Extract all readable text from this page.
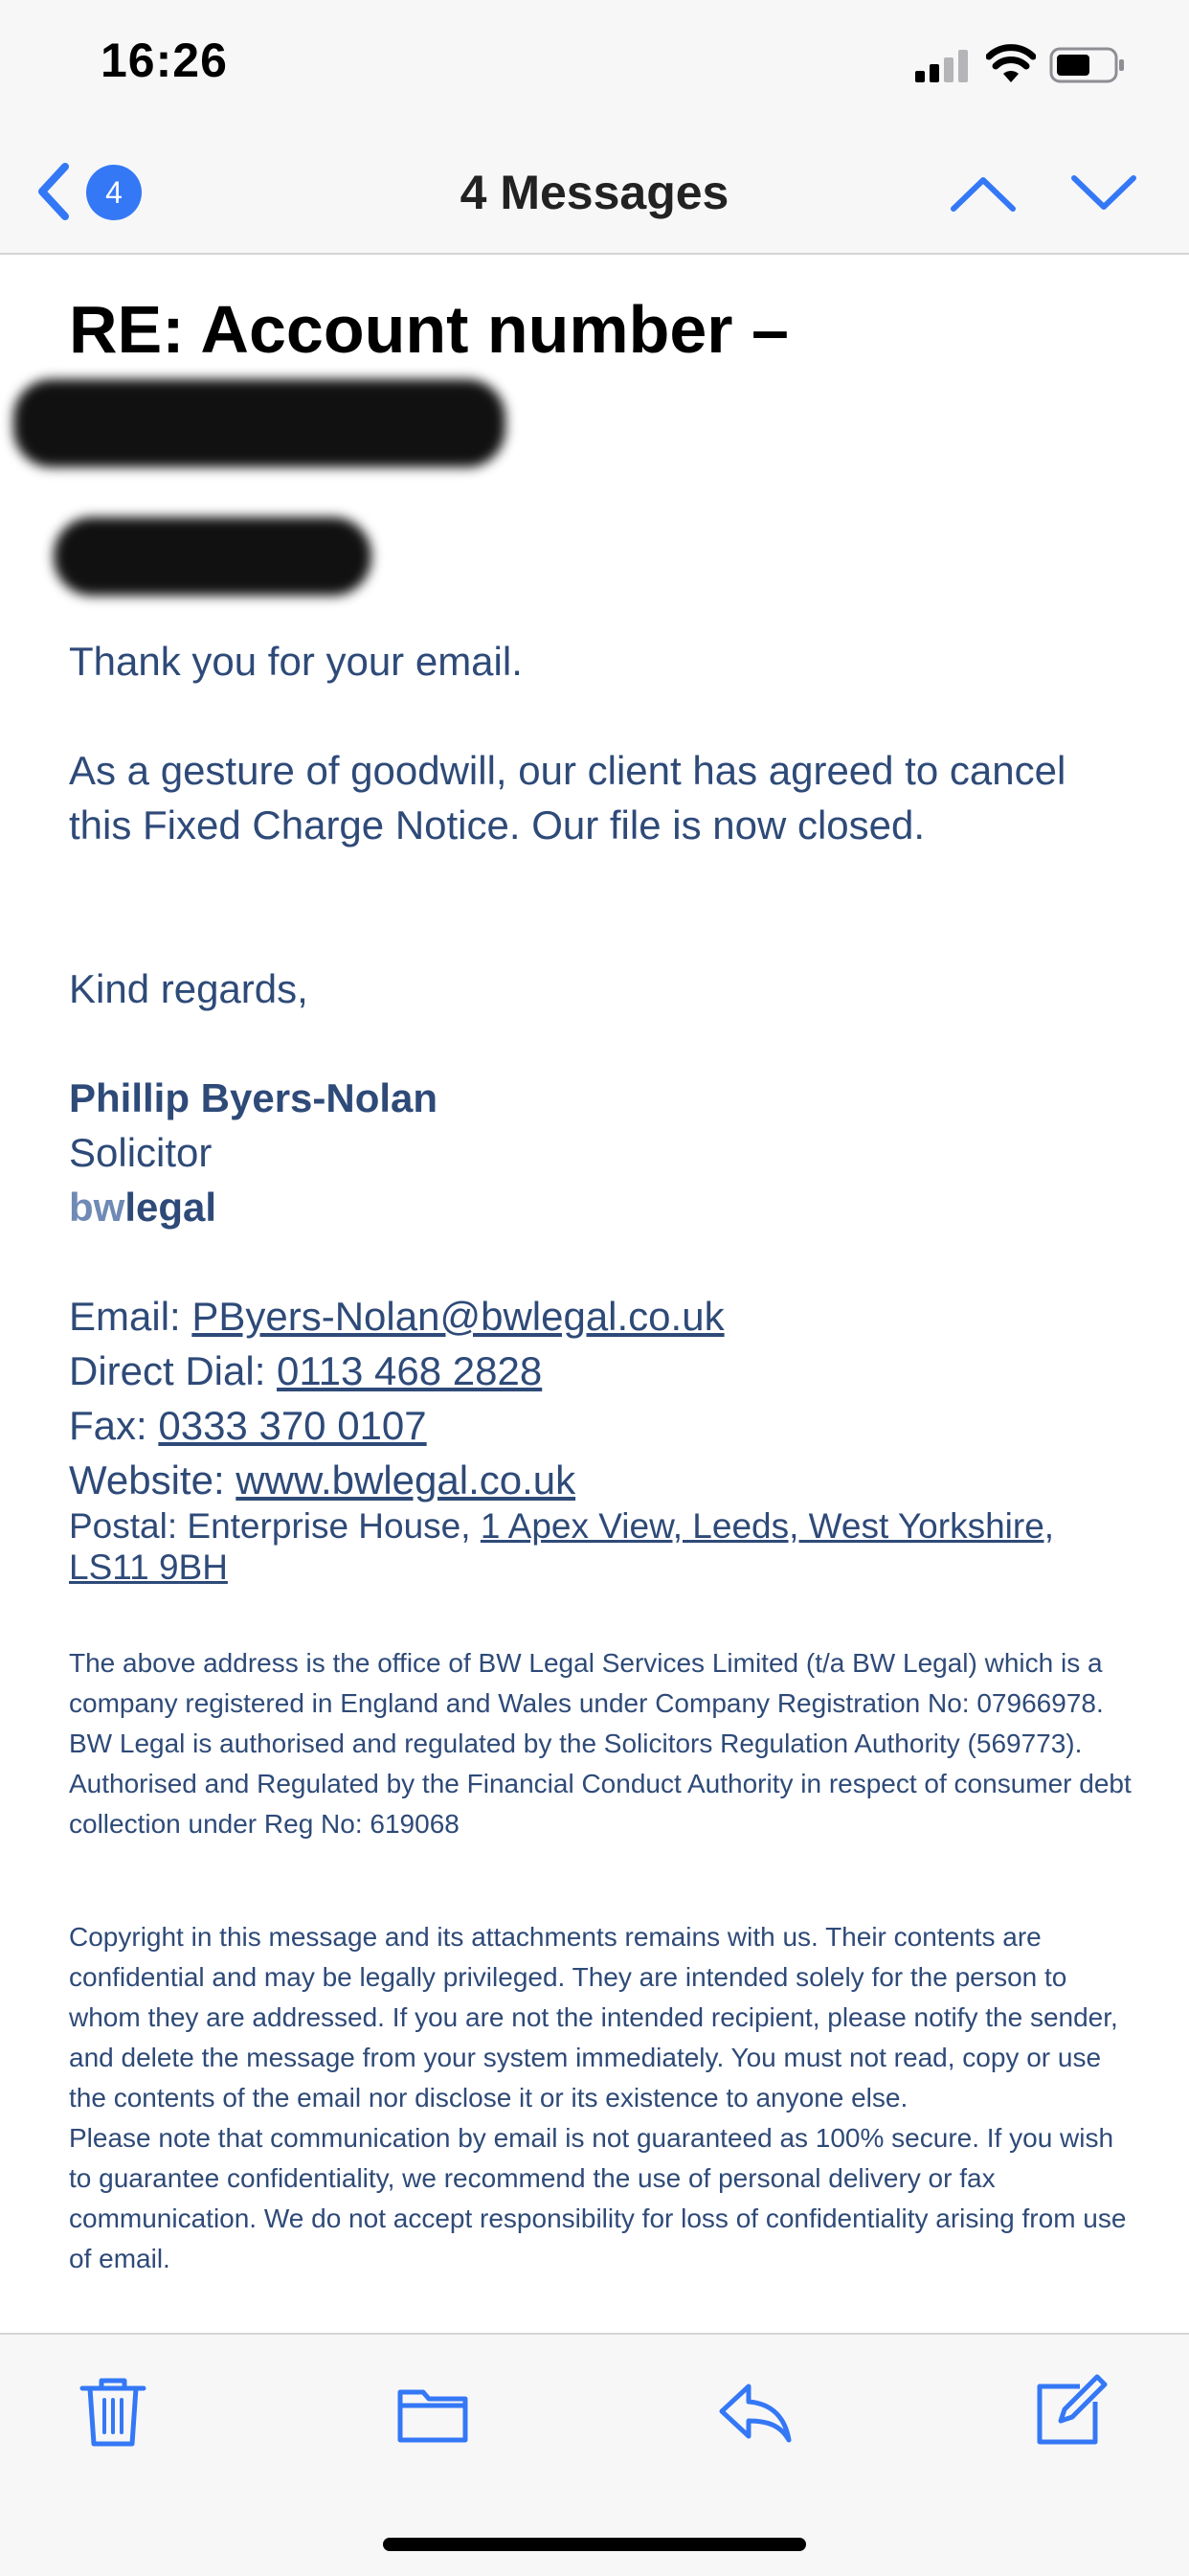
16:26
4	4 Messages
RE: Account number –
Thank you for your email.
As a gesture of goodwill, our client has agreed to cancel this Fixed Charge Notice. Our file is now closed.
Kind regards,
Phillip Byers-Nolan
Solicitor
bwlegal
Email: PByers-Nolan@bwlegal.co.uk
Direct Dial: 0113 468 2828
Fax: 0333 370 0107
Website: www.bwlegal.co.uk
Postal: Enterprise House, 1 Apex View, Leeds, West Yorkshire, LS11 9BH
The above address is the office of BW Legal Services Limited (t/a BW Legal) which is a company registered in England and Wales under Company Registration No: 07966978. BW Legal is authorised and regulated by the Solicitors Regulation Authority (569773).
Authorised and Regulated by the Financial Conduct Authority in respect of consumer debt collection under Reg No: 619068
Copyright in this message and its attachments remains with us. Their contents are confidential and may be legally privileged. They are intended solely for the person to whom they are addressed. If you are not the intended recipient, please notify the sender, and delete the message from your system immediately. You must not read, copy or use the contents of the email nor disclose it or its existence to anyone else.
Please note that communication by email is not guaranteed as 100% secure. If you wish to guarantee confidentiality, we recommend the use of personal delivery or fax communication. We do not accept responsibility for loss of confidentiality arising from use of email.
